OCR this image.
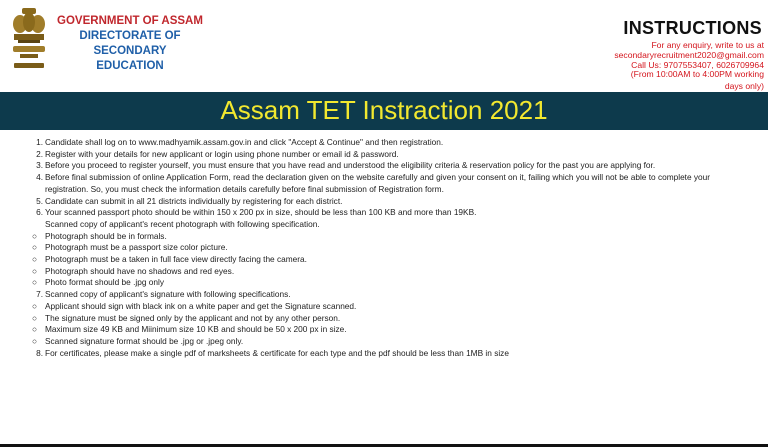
GOVERNMENT OF ASSAM
DIRECTORATE OF SECONDARY
EDUCATION
INSTRUCTIONS
For any enquiry, write to us at
secondaryrecruitment2020@gmail.com
Call Us: 9707553407, 6026709964
(From 10:00AM to 4:00PM working
Assam TET Instraction 2021
days only)
1. Candidate shall log on to www.madhyamik.assam.gov.in and click "Accept & Continue" and then registration.
2. Register with your details for new applicant or login using phone number or email id & password.
3. Before you proceed to register yourself, you must ensure that you have read and understood the eligibility criteria & reservation policy for the past you are applying for.
4. Before final submission of online Application Form, read the declaration given on the website carefully and given your consent on it, failing which you will not be able to complete your registration. So, you must check the information details carefully before final submission of Registration form.
5. Candidate can submit in all 21 districts individually by registering for each district.
6. Your scanned passport photo should be within 150 x 200 px in size, should be less than 100 KB and more than 19KB.
Scanned copy of applicant's recent photograph with following specification.
○ Photograph should be in formals.
○ Photograph must be a passport size color picture.
○ Photograph must be a taken in full face view directly facing the camera.
○ Photograph should have no shadows and red eyes.
○ Photo format should be .jpg only
7. Scanned copy of applicant's signature with following specifications.
○ Applicant should sign with black ink on a white paper and get the Signature scanned.
○ The signature must be signed only by the applicant and not by any other person.
○ Maximum size 49 KB and Miinimum size 10 KB and should be 50 x 200 px in size.
○ Scanned signature format should be .jpg or .jpeg only.
8. For certificates, please make a single pdf of marksheets & certificate for each type and the pdf should be less than 1MB in size
